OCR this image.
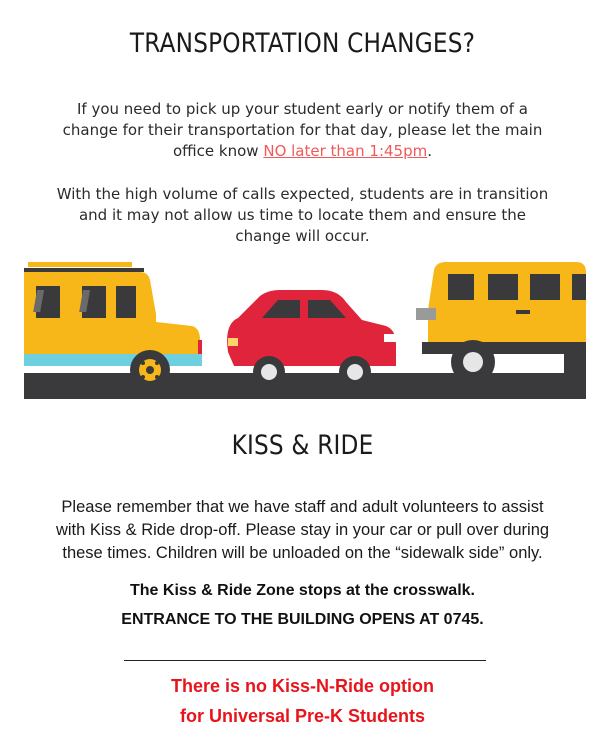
TRANSPORTATION CHANGES?
If you need to pick up your student early or notify them of a
change for their transportation for that day, please let the main
office know NO later than 1:45pm.
With the high volume of calls expected, students are in transition
and it may not allow us time to locate them and ensure the
change will occur.
KISS & RIDE
Please remember that we have staff and adult volunteers to assist
with Kiss & Ride drop-off. Please stay in your car or pull over during
these times. Children will be unloaded on the “sidewalk side” only.
The Kiss & Ride Zone stops at the crosswalk.
ENTRANCE TO THE BUILDING OPENS AT 0745.
There is no Kiss-N-Ride option
for Universal Pre-K Students
